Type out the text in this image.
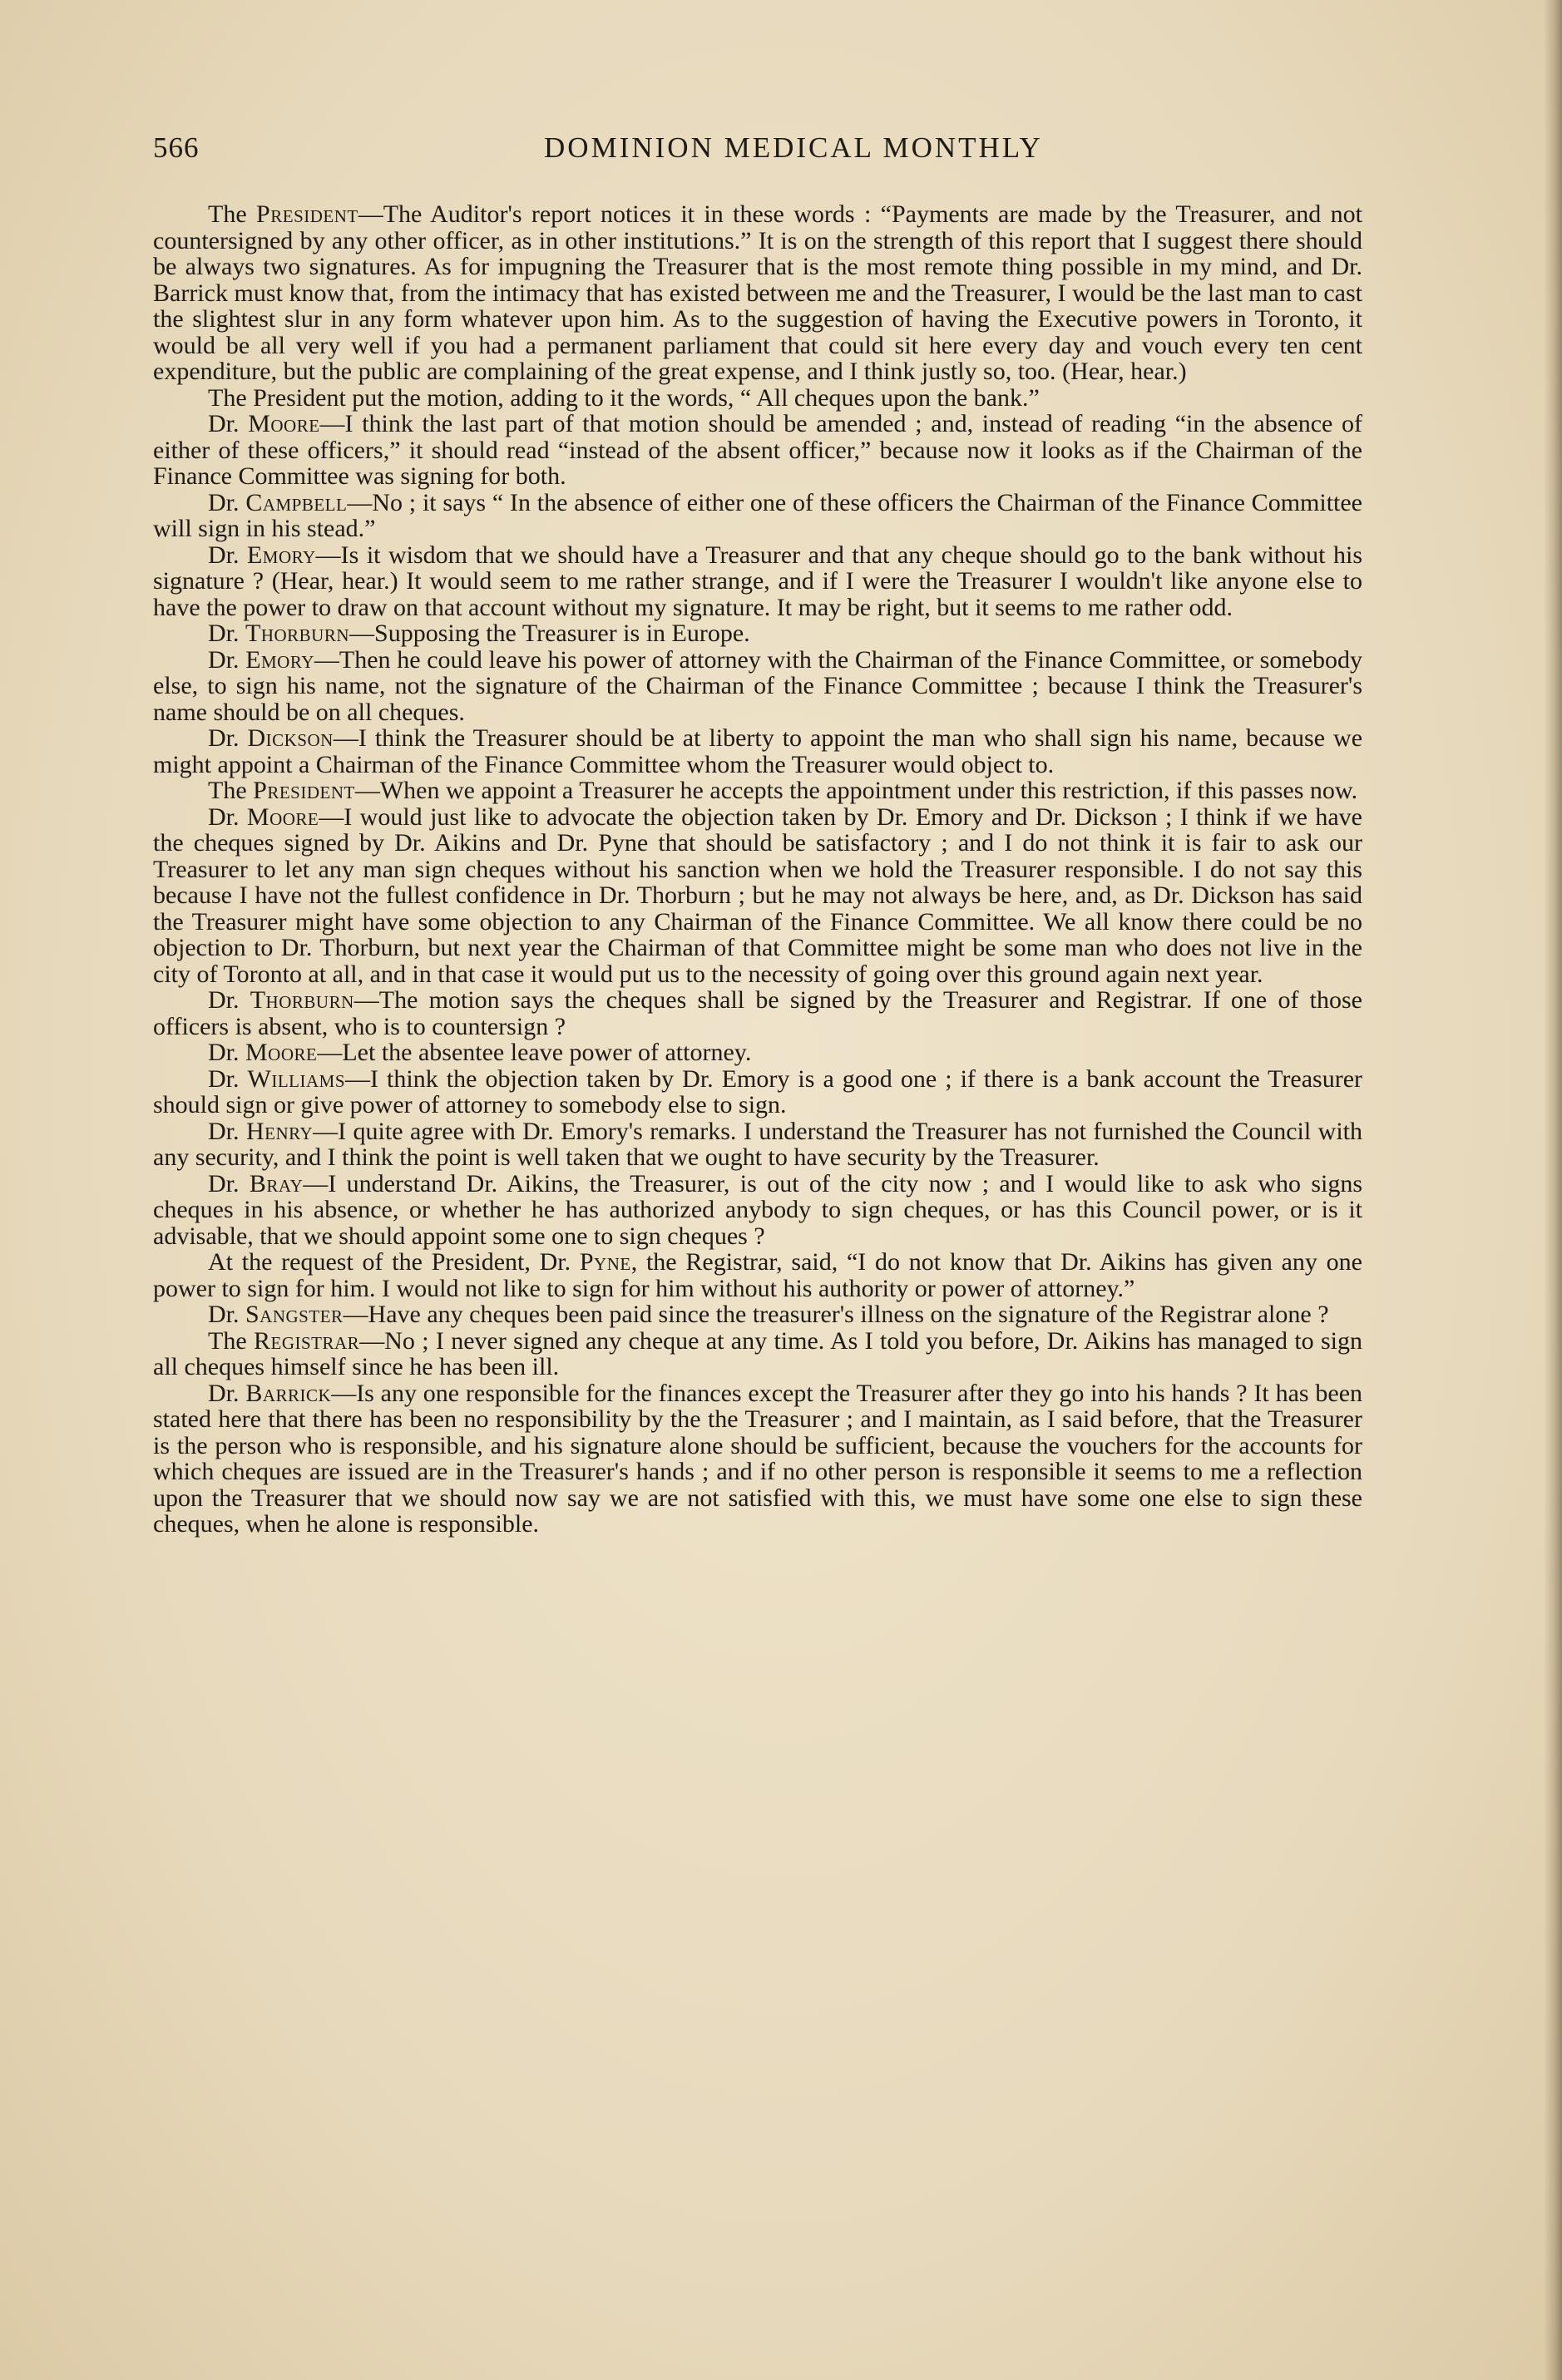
566	DOMINION MEDICAL MONTHLY

The President—The Auditor's report notices it in these words : “Payments are made by the Treasurer, and not countersigned by any other officer, as in other institutions.” It is on the strength of this report that I suggest there should be always two signatures. As for impugning the Treasurer that is the most remote thing possible in my mind, and Dr. Barrick must know that, from the intimacy that has existed between me and the Treasurer, I would be the last man to cast the slightest slur in any form whatever upon him. As to the suggestion of having the Executive powers in Toronto, it would be all very well if you had a permanent parliament that could sit here every day and vouch every ten cent expenditure, but the public are complaining of the great expense, and I think justly so, too. (Hear, hear.)

The President put the motion, adding to it the words, “ All cheques upon the bank.”

Dr. Moore—I think the last part of that motion should be amended ; and, instead of reading “in the absence of either of these officers,” it should read “instead of the absent officer,” because now it looks as if the Chairman of the Finance Committee was signing for both.

Dr. Campbell—No ; it says “ In the absence of either one of these officers the Chairman of the Finance Committee will sign in his stead.”

Dr. Emory—Is it wisdom that we should have a Treasurer and that any cheque should go to the bank without his signature ? (Hear, hear.) It would seem to me rather strange, and if I were the Treasurer I wouldn't like anyone else to have the power to draw on that account without my signature. It may be right, but it seems to me rather odd.

Dr. Thorburn—Supposing the Treasurer is in Europe.

Dr. Emory—Then he could leave his power of attorney with the Chairman of the Finance Committee, or somebody else, to sign his name, not the signature of the Chairman of the Finance Committee ; because I think the Treasurer's name should be on all cheques.

Dr. Dickson—I think the Treasurer should be at liberty to appoint the man who shall sign his name, because we might appoint a Chairman of the Finance Committee whom the Treasurer would object to.

The President—When we appoint a Treasurer he accepts the appointment under this restriction, if this passes now.

Dr. Moore—I would just like to advocate the objection taken by Dr. Emory and Dr. Dickson ; I think if we have the cheques signed by Dr. Aikins and Dr. Pyne that should be satisfactory ; and I do not think it is fair to ask our Treasurer to let any man sign cheques without his sanction when we hold the Treasurer responsible. I do not say this because I have not the fullest confidence in Dr. Thorburn ; but he may not always be here, and, as Dr. Dickson has said the Treasurer might have some objection to any Chairman of the Finance Committee. We all know there could be no objection to Dr. Thorburn, but next year the Chairman of that Committee might be some man who does not live in the city of Toronto at all, and in that case it would put us to the necessity of going over this ground again next year.

Dr. Thorburn—The motion says the cheques shall be signed by the Treasurer and Registrar. If one of those officers is absent, who is to countersign ?

Dr. Moore—Let the absentee leave power of attorney.

Dr. Williams—I think the objection taken by Dr. Emory is a good one ; if there is a bank account the Treasurer should sign or give power of attorney to somebody else to sign.

Dr. Henry—I quite agree with Dr. Emory's remarks. I understand the Treasurer has not furnished the Council with any security, and I think the point is well taken that we ought to have security by the Treasurer.

Dr. Bray—I understand Dr. Aikins, the Treasurer, is out of the city now ; and I would like to ask who signs cheques in his absence, or whether he has authorized anybody to sign cheques, or has this Council power, or is it advisable, that we should appoint some one to sign cheques ?

At the request of the President, Dr. Pyne, the Registrar, said, “I do not know that Dr. Aikins has given any one power to sign for him. I would not like to sign for him without his authority or power of attorney.”

Dr. Sangster—Have any cheques been paid since the treasurer's illness on the signature of the Registrar alone ?

The Registrar—No ; I never signed any cheque at any time. As I told you before, Dr. Aikins has managed to sign all cheques himself since he has been ill.

Dr. Barrick—Is any one responsible for the finances except the Treasurer after they go into his hands ? It has been stated here that there has been no responsibility by the the Treasurer ; and I maintain, as I said before, that the Treasurer is the person who is responsible, and his signature alone should be sufficient, because the vouchers for the accounts for which cheques are issued are in the Treasurer's hands ; and if no other person is responsible it seems to me a reflection upon the Treasurer that we should now say we are not satisfied with this, we must have some one else to sign these cheques, when he alone is responsible.
